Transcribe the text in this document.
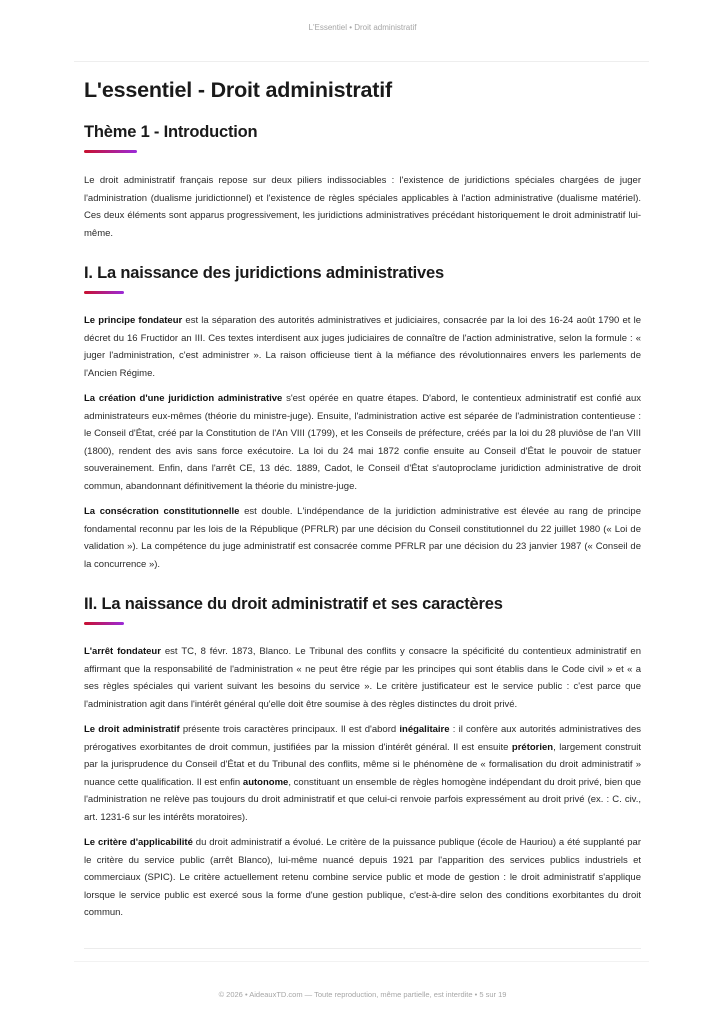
L'Essentiel • Droit administratif
L'essentiel - Droit administratif
Thème 1 - Introduction

Le droit administratif français repose sur deux piliers indissociables : l'existence de juridictions spéciales chargées de juger l'administration (dualisme juridictionnel) et l'existence de règles spéciales applicables à l'action administrative (dualisme matériel). Ces deux éléments sont apparus progressivement, les juridictions administratives précédant historiquement le droit administratif lui-même.

I. La naissance des juridictions administratives

Le principe fondateur est la séparation des autorités administratives et judiciaires, consacrée par la loi des 16-24 août 1790 et le décret du 16 Fructidor an III. Ces textes interdisent aux juges judiciaires de connaître de l'action administrative, selon la formule : « juger l'administration, c'est administrer ». La raison officieuse tient à la méfiance des révolutionnaires envers les parlements de l'Ancien Régime.

La création d'une juridiction administrative s'est opérée en quatre étapes. D'abord, le contentieux administratif est confié aux administrateurs eux-mêmes (théorie du ministre-juge). Ensuite, l'administration active est séparée de l'administration contentieuse : le Conseil d'État, créé par la Constitution de l'An VIII (1799), et les Conseils de préfecture, créés par la loi du 28 pluviôse de l'an VIII (1800), rendent des avis sans force exécutoire. La loi du 24 mai 1872 confie ensuite au Conseil d'État le pouvoir de statuer souverainement. Enfin, dans l'arrêt CE, 13 déc. 1889, Cadot, le Conseil d'État s'autoproclame juridiction administrative de droit commun, abandonnant définitivement la théorie du ministre-juge.

La consécration constitutionnelle est double. L'indépendance de la juridiction administrative est élevée au rang de principe fondamental reconnu par les lois de la République (PFRLR) par une décision du Conseil constitutionnel du 22 juillet 1980 (« Loi de validation »). La compétence du juge administratif est consacrée comme PFRLR par une décision du 23 janvier 1987 (« Conseil de la concurrence »).

II. La naissance du droit administratif et ses caractères

L'arrêt fondateur est TC, 8 févr. 1873, Blanco. Le Tribunal des conflits y consacre la spécificité du contentieux administratif en affirmant que la responsabilité de l'administration « ne peut être régie par les principes qui sont établis dans le Code civil » et « a ses règles spéciales qui varient suivant les besoins du service ». Le critère justificateur est le service public : c'est parce que l'administration agit dans l'intérêt général qu'elle doit être soumise à des règles distinctes du droit privé.

Le droit administratif présente trois caractères principaux. Il est d'abord inégalitaire : il confère aux autorités administratives des prérogatives exorbitantes de droit commun, justifiées par la mission d'intérêt général. Il est ensuite prétorien, largement construit par la jurisprudence du Conseil d'État et du Tribunal des conflits, même si le phénomène de « formalisation du droit administratif » nuance cette qualification. Il est enfin autonome, constituant un ensemble de règles homogène indépendant du droit privé, bien que l'administration ne relève pas toujours du droit administratif et que celui-ci renvoie parfois expressément au droit privé (ex. : C. civ., art. 1231-6 sur les intérêts moratoires).

Le critère d'applicabilité du droit administratif a évolué. Le critère de la puissance publique (école de Hauriou) a été supplanté par le critère du service public (arrêt Blanco), lui-même nuancé depuis 1921 par l'apparition des services publics industriels et commerciaux (SPIC). Le critère actuellement retenu combine service public et mode de gestion : le droit administratif s'applique lorsque le service public est exercé sous la forme d'une gestion publique, c'est-à-dire selon des conditions exorbitantes du droit commun.

© 2026 • AideauxTD.com — Toute reproduction, même partielle, est interdite • 5 sur 19
